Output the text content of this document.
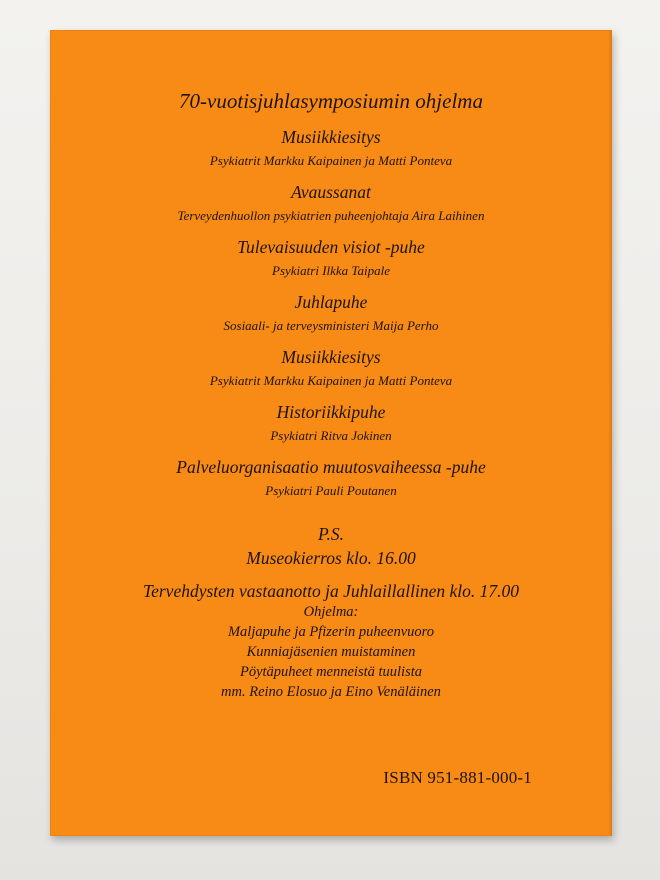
70-vuotisjuhlasymposiumin ohjelma
Musiikkiesitys
Psykiatrit Markku Kaipainen ja Matti Ponteva
Avaussanat
Terveydenhuollon psykiatrien puheenjohtaja Aira Laihinen
Tulevaisuuden visiot -puhe
Psykiatri Ilkka Taipale
Juhlapuhe
Sosiaali- ja terveysministeri Maija Perho
Musiikkiesitys
Psykiatrit Markku Kaipainen ja Matti Ponteva
Historiikkipuhe
Psykiatri Ritva Jokinen
Palveluorganisaatio muutosvaiheessa -puhe
Psykiatri Pauli Poutanen
P.S.
Museokierros klo. 16.00
Tervehdysten vastaanotto ja Juhlaillallinen klo. 17.00
Ohjelma:
Maljapuhe ja Pfizerin puheenvuoro
Kunniajäsenien muistaminen
Pöytäpuheet menneistä tuulista
mm. Reino Elosuo ja Eino Venäläinen
ISBN 951-881-000-1
